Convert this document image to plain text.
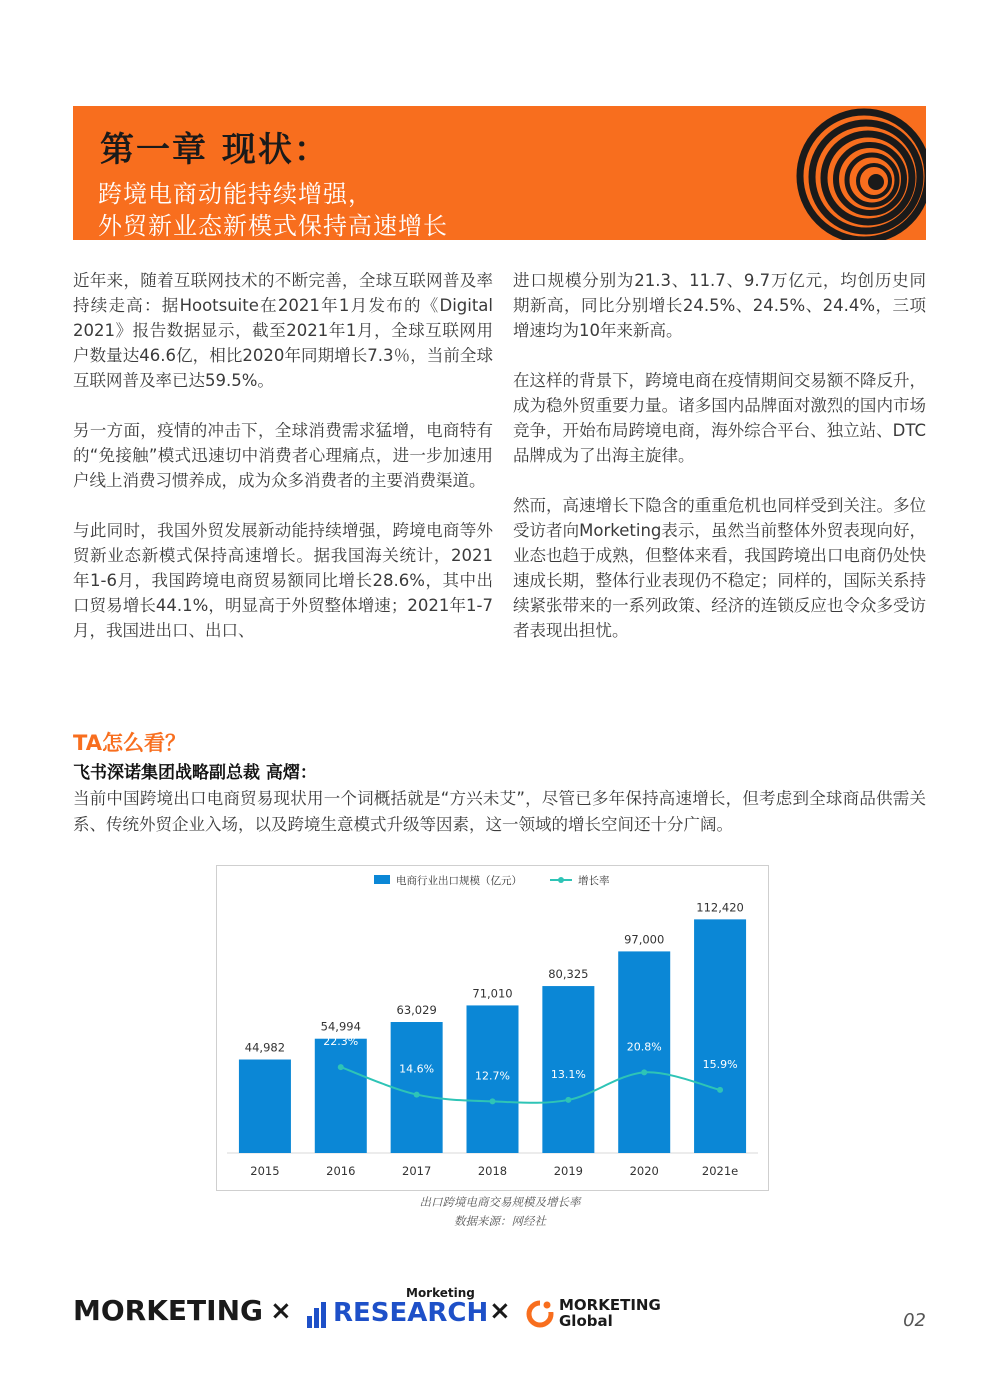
第一章 现状：
跨境电商动能持续增强，
外贸新业态新模式保持高速增长

近年来，随着互联网技术的不断完善，全球互联网普及率持续走高：据Hootsuite在2021年1月发布的《Digital 2021》报告数据显示，截至2021年1月，全球互联网用户数量达46.6亿，相比2020年同期增长7.3％，当前全球互联网普及率已达59.5%。

另一方面，疫情的冲击下，全球消费需求猛增，电商特有的“免接触”模式迅速切中消费者心理痛点，进一步加速用户线上消费习惯养成，成为众多消费者的主要消费渠道。

与此同时，我国外贸发展新动能持续增强，跨境电商等外贸新业态新模式保持高速增长。据我国海关统计，2021年1-6月，我国跨境电商贸易额同比增长28.6%，其中出口贸易增长44.1%，明显高于外贸整体增速；2021年1-7月，我国进出口、出口、

进口规模分别为21.3、11.7、9.7万亿元，均创历史同期新高，同比分别增长24.5%、24.5%、24.4%，三项增速均为10年来新高。

在这样的背景下，跨境电商在疫情期间交易额不降反升，成为稳外贸重要力量。诸多国内品牌面对激烈的国内市场竞争，开始布局跨境电商，海外综合平台、独立站、DTC品牌成为了出海主旋律。

然而，高速增长下隐含的重重危机也同样受到关注。多位受访者向Morketing表示，虽然当前整体外贸表现向好，业态也趋于成熟，但整体来看，我国跨境出口电商仍处快速成长期，整体行业表现仍不稳定；同样的，国际关系持续紧张带来的一系列政策、经济的连锁反应也令众多受访者表现出担忧。

TA怎么看？
飞书深诺集团战略副总裁 高熠：
当前中国跨境出口电商贸易现状用一个词概括就是“方兴未艾”，尽管已多年保持高速增长，但考虑到全球商品供需关系、传统外贸企业入场，以及跨境生意模式升级等因素，这一领域的增长空间还十分广阔。
电商行业出口规模（亿元）	增长率
44,982
2015
54,994
2016
63,029
2017
71,010
2018
80,325
2019
97,000
2020
112,420
2021e
22.3%
14.6%
12.7%	13.1%
20.8%
15.9%
出口跨境电商交易规模及增长率
数据来源：网经社
MORKETING ×
Morketing
RESEARCH ×	MORKETING
Global	02
